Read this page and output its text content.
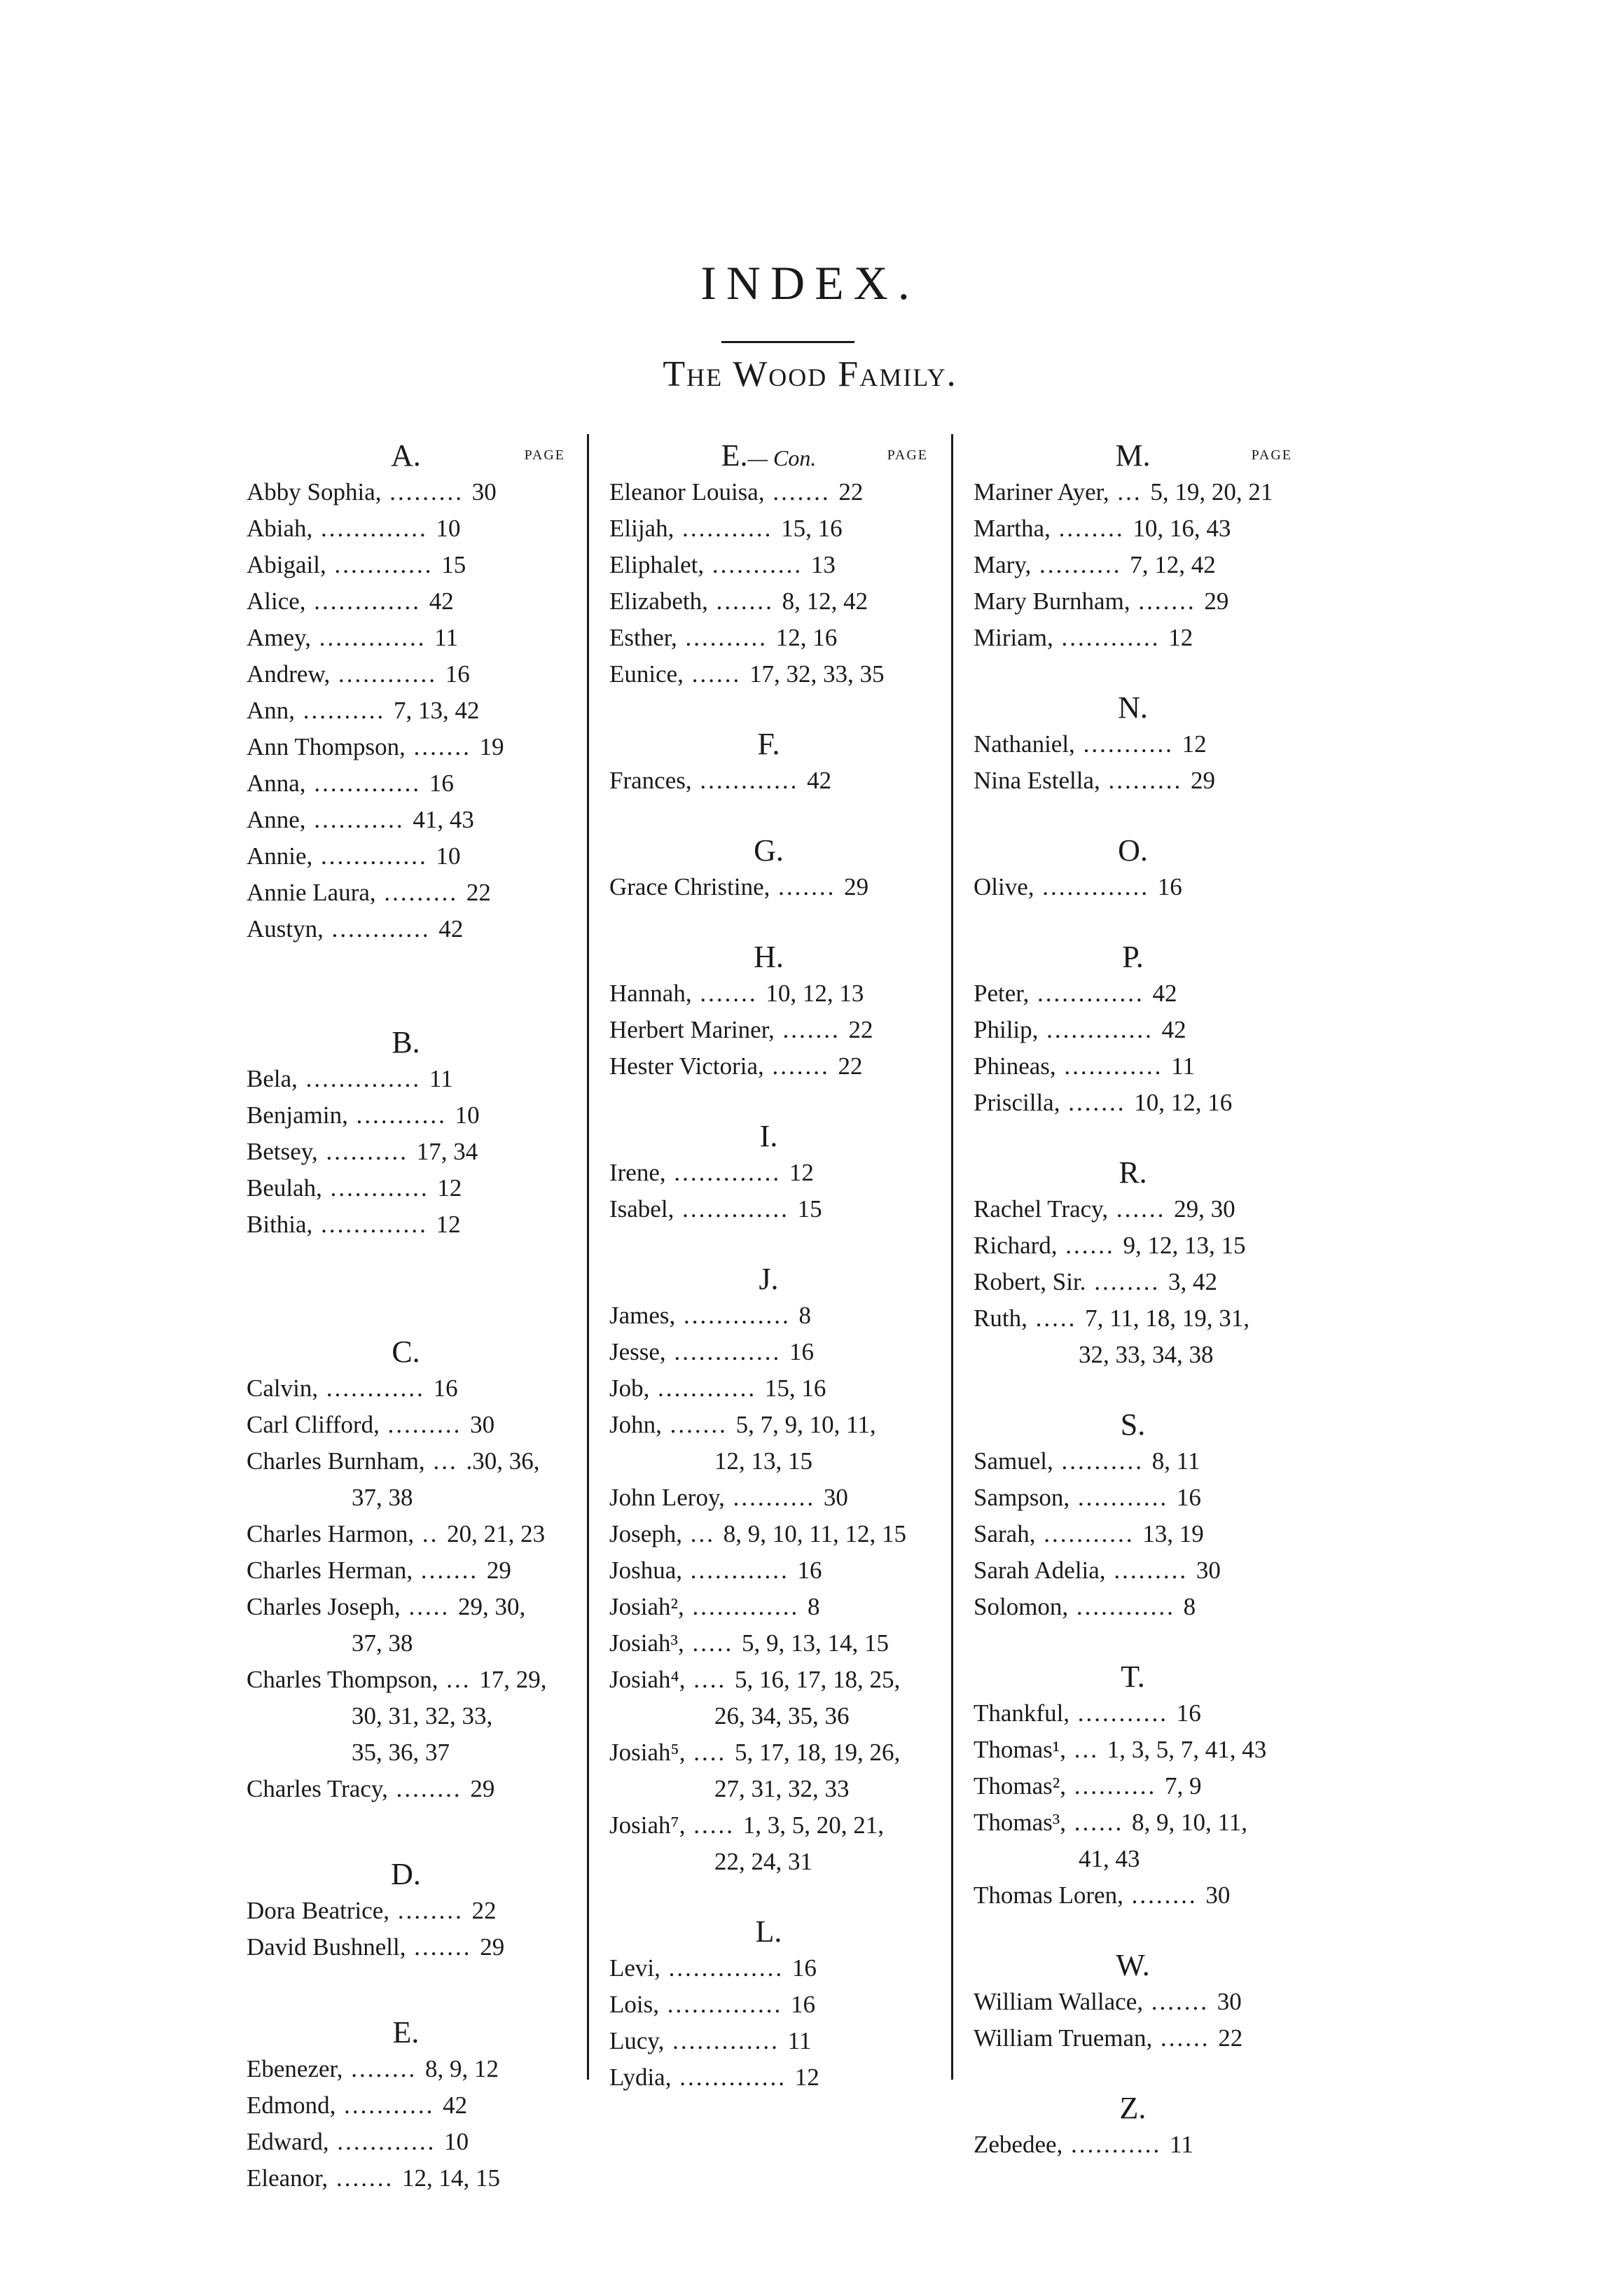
INDEX.
The Wood Family.
A.	PAGE
Abby Sophia, ......... 30
Abiah, ............. 10
Abigail, ............ 15
Alice, ............. 42
Amey, ............. 11
Andrew, ............ 16
Ann, .......... 7, 13, 42
Ann Thompson, ....... 19
Anna, ............. 16
Anne, ........... 41, 43
Annie, ............. 10
Annie Laura, ......... 22
Austyn, ............ 42
B.
Bela, .............. 11
Benjamin, ........... 10
Betsey, .......... 17, 34
Beulah, ............ 12
Bithia, ............. 12
C.
Calvin, ............ 16
Carl Clifford, ......... 30
Charles Burnham, ... .30, 36,
37, 38
Charles Harmon, .. 20, 21, 23
Charles Herman, ....... 29
Charles Joseph, ..... 29, 30,
37, 38
Charles Thompson, ... 17, 29,
30, 31, 32, 33,
35, 36, 37
Charles Tracy, ........ 29
D.
Dora Beatrice, ........ 22
David Bushnell, ....... 29
E.
Ebenezer, ........ 8, 9, 12
Edmond, ........... 42
Edward, ............ 10
Eleanor, ....... 12, 14, 15
E.— Con.	PAGE
Eleanor Louisa, ....... 22
Elijah, ........... 15, 16
Eliphalet, ........... 13
Elizabeth, ....... 8, 12, 42
Esther, .......... 12, 16
Eunice, ...... 17, 32, 33, 35
F.
Frances, ............ 42
G.
Grace Christine, ....... 29
H.
Hannah, ....... 10, 12, 13
Herbert Mariner, ....... 22
Hester Victoria, ....... 22
I.
Irene, ............. 12
Isabel, ............. 15
J.
James, ............. 8
Jesse, ............. 16
Job, ............ 15, 16
John, ....... 5, 7, 9, 10, 11,
12, 13, 15
John Leroy, .......... 30
Joseph, ... 8, 9, 10, 11, 12, 15
Joshua, ............ 16
Josiah², ............. 8
Josiah³, ..... 5, 9, 13, 14, 15
Josiah⁴, .... 5, 16, 17, 18, 25,
26, 34, 35, 36
Josiah⁵, .... 5, 17, 18, 19, 26,
27, 31, 32, 33
Josiah⁷, ..... 1, 3, 5, 20, 21,
22, 24, 31
L.
Levi, .............. 16
Lois, .............. 16
Lucy, ............. 11
Lydia, ............. 12
M.	PAGE
Mariner Ayer, ... 5, 19, 20, 21
Martha, ........ 10, 16, 43
Mary, .......... 7, 12, 42
Mary Burnham, ....... 29
Miriam, ............ 12
N.
Nathaniel, ........... 12
Nina Estella, ......... 29
O.
Olive, ............. 16
P.
Peter, ............. 42
Philip, ............. 42
Phineas, ............ 11
Priscilla, ....... 10, 12, 16
R.
Rachel Tracy, ...... 29, 30
Richard, ...... 9, 12, 13, 15
Robert, Sir. ........ 3, 42
Ruth, ..... 7, 11, 18, 19, 31,
32, 33, 34, 38
S.
Samuel, .......... 8, 11
Sampson, ........... 16
Sarah, ........... 13, 19
Sarah Adelia, ......... 30
Solomon, ............ 8
T.
Thankful, ........... 16
Thomas¹, ... 1, 3, 5, 7, 41, 43
Thomas², .......... 7, 9
Thomas³, ...... 8, 9, 10, 11,
41, 43
Thomas Loren, ........ 30
W.
William Wallace, ....... 30
William Trueman, ...... 22
Z.
Zebedee, ........... 11
